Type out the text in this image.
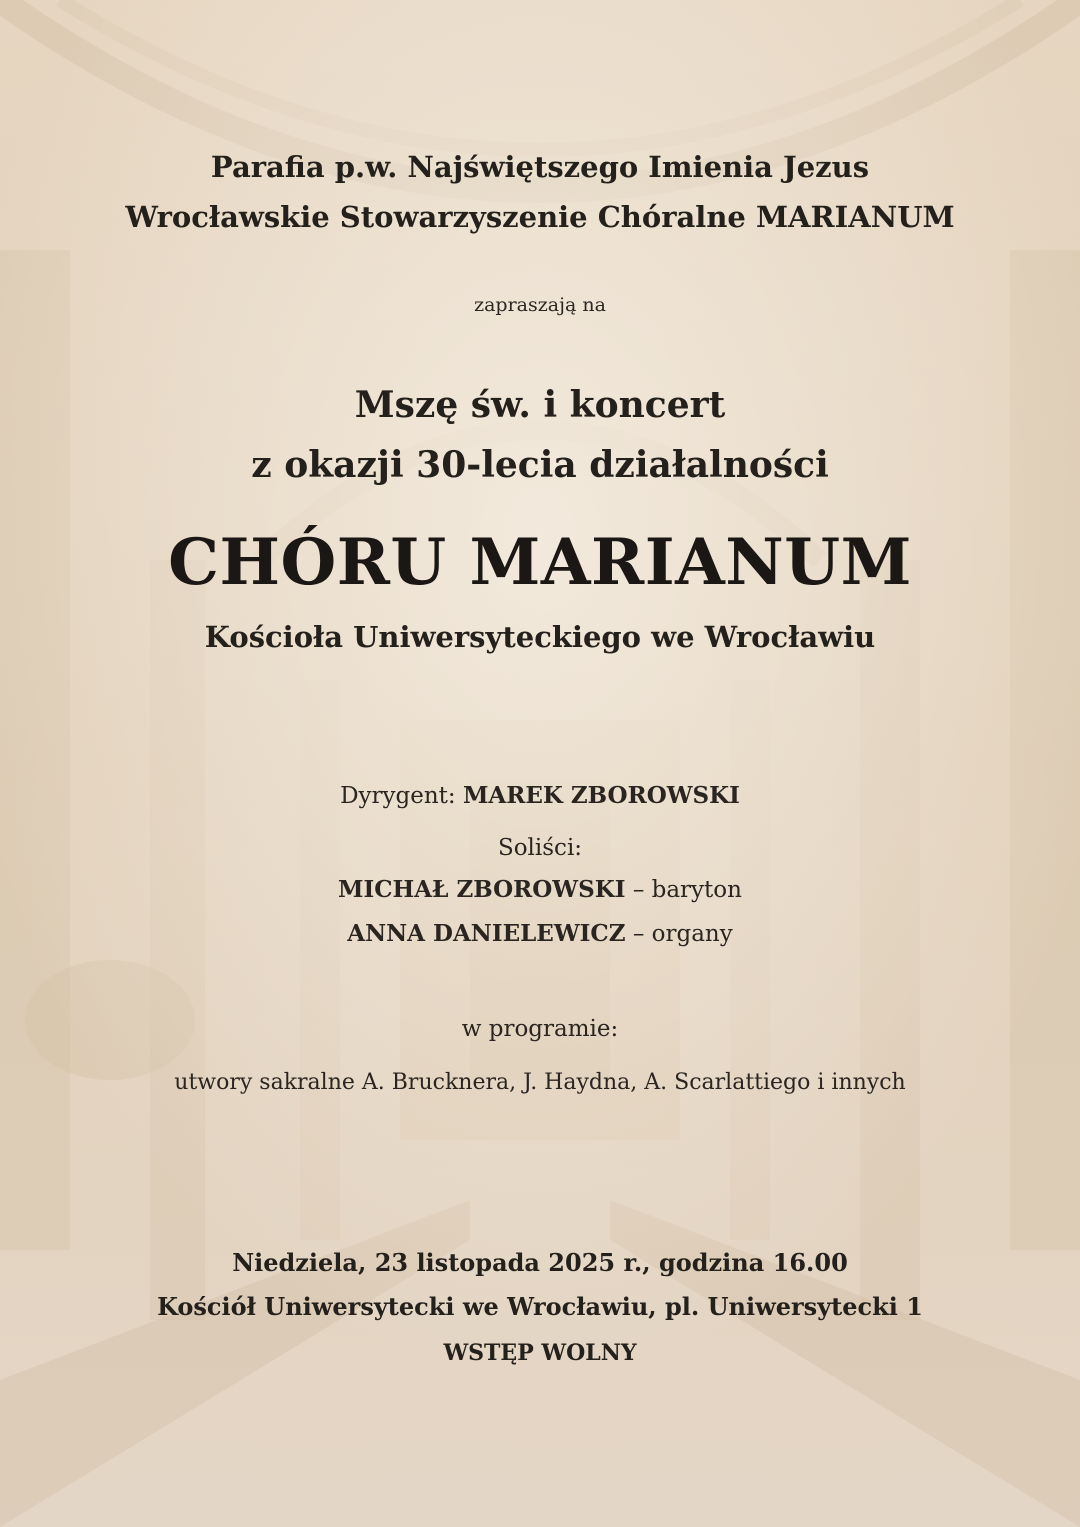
Parafia p.w. Najświętszego Imienia Jezus

Wrocławskie Stowarzyszenie Chóralne MARIANUM

zapraszają na

Mszę św. i koncert

z okazji 30-lecia działalności

CHÓRU MARIANUM

Kościoła Uniwersyteckiego we Wrocławiu

Dyrygent: MAREK ZBOROWSKI

Soliści:

MICHAŁ ZBOROWSKI – baryton

ANNA DANIELEWICZ – organy

w programie:

utwory sakralne A. Brucknera, J. Haydna, A. Scarlattiego i innych

Niedzielа, 23 listopada 2025 r., godzina 16.00

Kościół Uniwersytecki we Wrocławiu, pl. Uniwersytecki 1

WSTĘP WOLNY
